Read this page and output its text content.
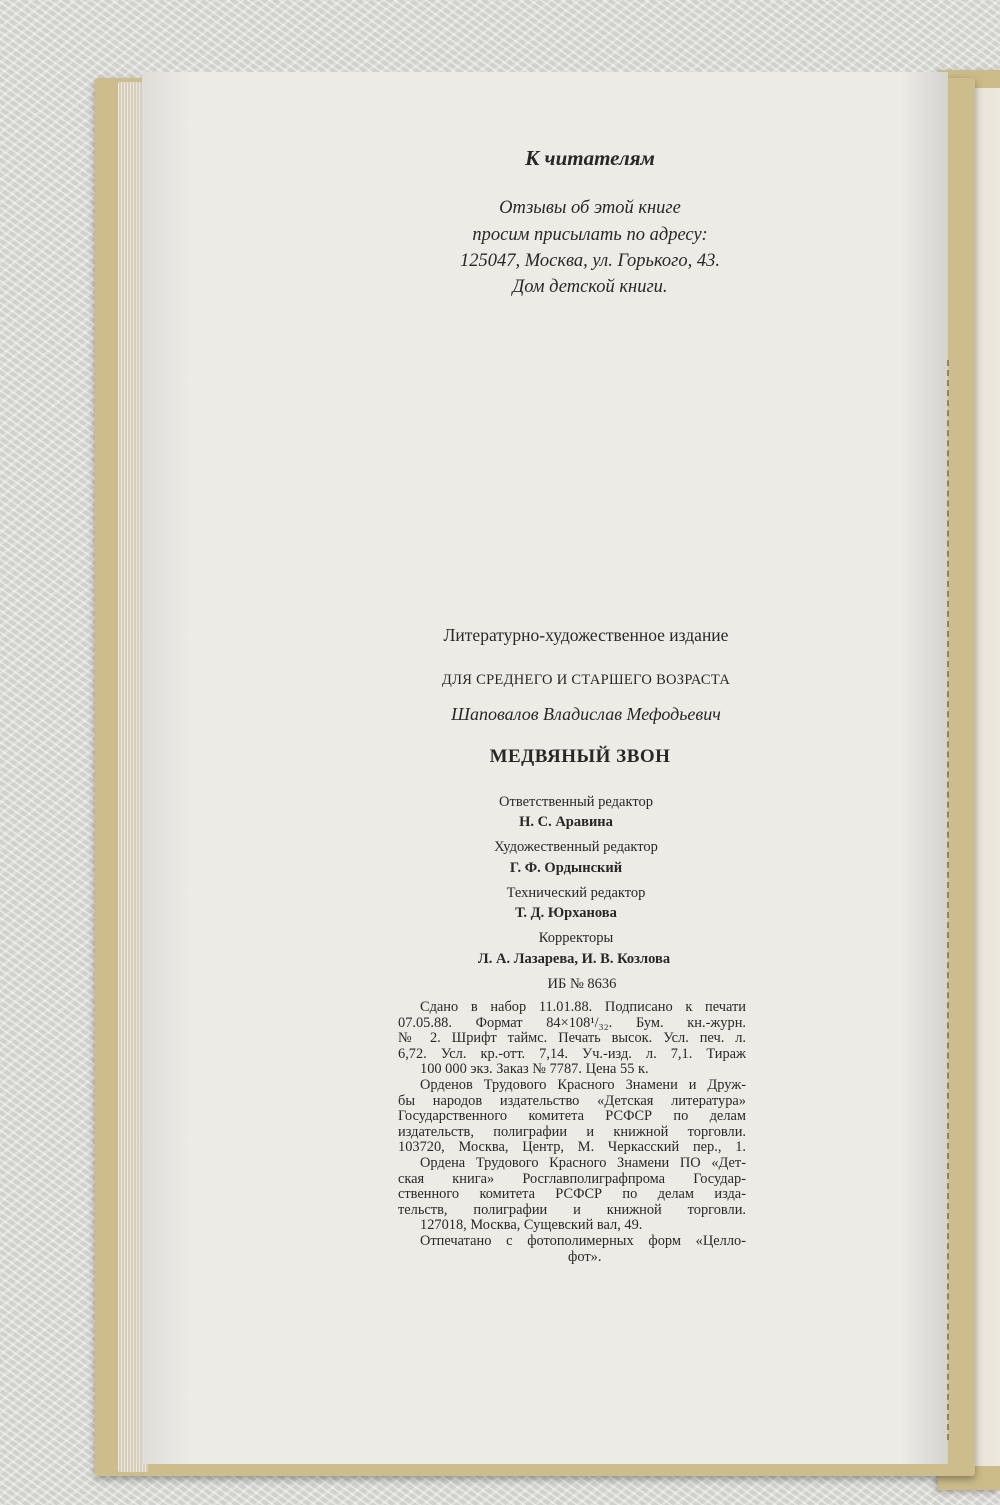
К читателям
Отзывы об этой книге
просим присылать по адресу:
125047, Москва, ул. Горького, 43.
Дом детской книги.
Литературно-художественное издание
ДЛЯ СРЕДНЕГО И СТАРШЕГО ВОЗРАСТА
Шаповалов Владислав Мефодьевич
МЕДВЯНЫЙ ЗВОН
Ответственный редактор
Н. С. Аравина
Художественный редактор
Г. Ф. Ордынский
Технический редактор
Т. Д. Юрханова
Корректоры
Л. А. Лазарева, И. В. Козлова
ИБ № 8636
Сдано в набор 11.01.88. Подписано к печати
07.05.88. Формат 84×108¹/₃₂. Бум. кн.-журн.
№ 2. Шрифт таймс. Печать высок. Усл. печ. л.
6,72. Усл. кр.-отт. 7,14. Уч.-изд. л. 7,1. Тираж
100 000 экз. Заказ № 7787. Цена 55 к.
Орденов Трудового Красного Знамени и Друж-
бы народов издательство «Детская литература»
Государственного комитета РСФСР по делам
издательств, полиграфии и книжной торговли.
103720, Москва, Центр, М. Черкасский пер., 1.
Ордена Трудового Красного Знамени ПО «Дет-
ская книга» Росглавполиграфпрома Государ-
ственного комитета РСФСР по делам изда-
тельств, полиграфии и книжной торговли.
127018, Москва, Сущевский вал, 49.
Отпечатано с фотополимерных форм «Целло-
фот».
